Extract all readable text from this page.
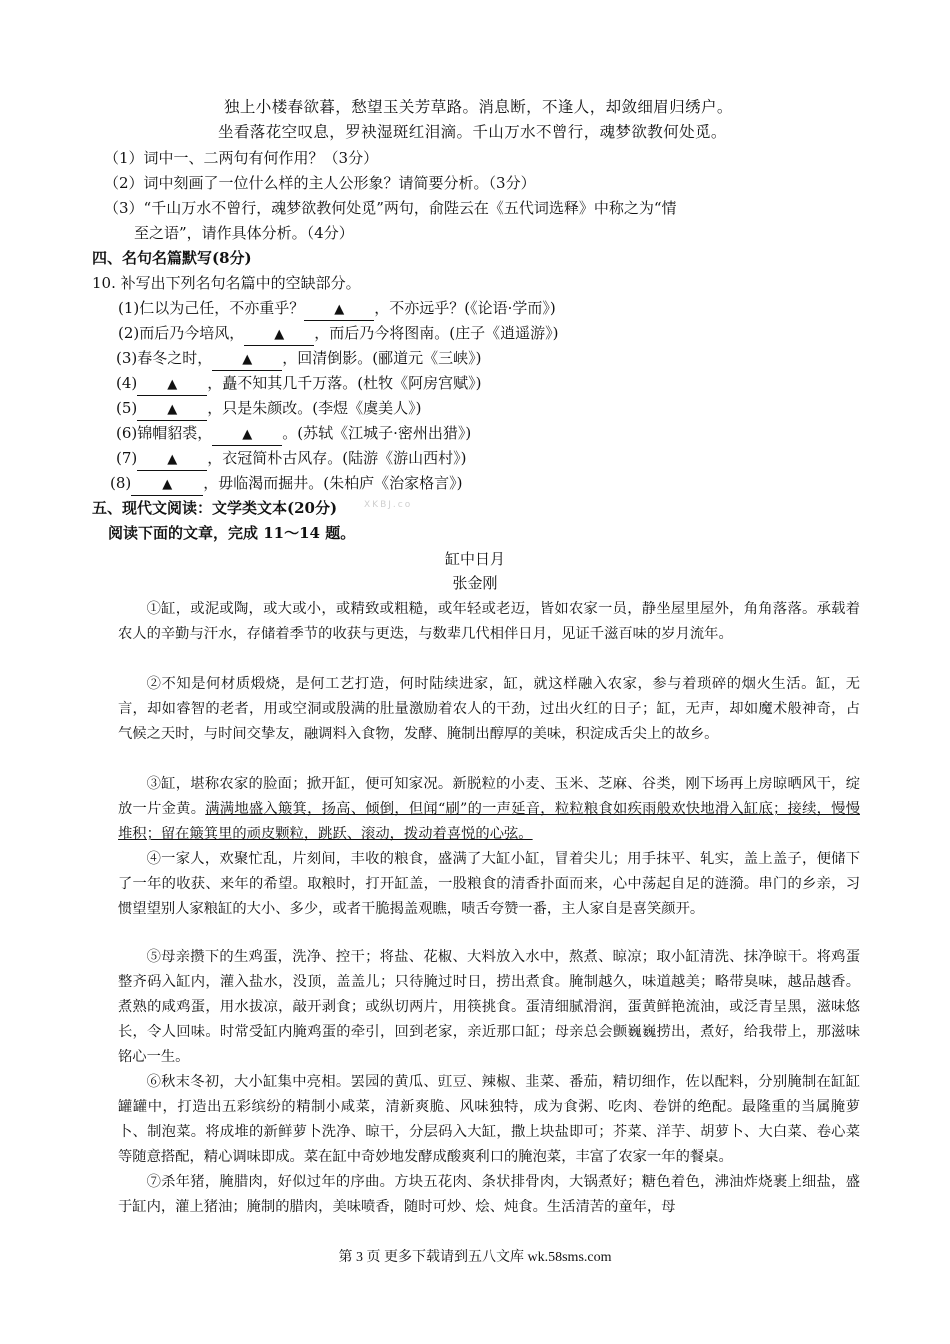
独上小楼春欲暮，愁望玉关芳草路。消息断，不逢人，却敛细眉归绣户。
坐看落花空叹息，罗袂湿斑红泪滴。千山万水不曾行，魂梦欲教何处觅。
（1）词中一、二两句有何作用？（3分）
（2）词中刻画了一位什么样的主人公形象？请简要分析。（3分）
（3）“千山万水不曾行，魂梦欲教何处觅”两句，俞陛云在《五代词选释》中称之为“情
至之语”，请作具体分析。（4分）
四、名句名篇默写(8分)
10. 补写出下列名句名篇中的空缺部分。
(1)仁以为己任，不亦重乎？ ▲ ，不亦远乎？(《论语·学而》)
(2)而后乃今培风， ▲ ，而后乃今将图南。(庄子《逍遥游》)
(3)春冬之时， ▲ ，回清倒影。(郦道元《三峡》)
(4) ▲ ，矗不知其几千万落。(杜牧《阿房宫赋》)
(5) ▲ ，只是朱颜改。(李煜《虞美人》)
(6)锦帽貂裘， ▲ 。(苏轼《江城子·密州出猎》)
(7) ▲ ，衣冠简朴古风存。(陆游《游山西村》)
(8) ▲ ，毋临渴而掘井。(朱柏庐《治家格言》)
五、现代文阅读：文学类文本(20分)	XKBJ.co
阅读下面的文章，完成 11～14 题。
缸中日月
张金刚
①缸，或泥或陶，或大或小，或精致或粗糙，或年轻或老迈，皆如农家一员，静坐屋里屋外，角角落落。承载着农人的辛勤与汗水，存储着季节的收获与更迭，与数辈几代相伴日月，见证千滋百味的岁月流年。
②不知是何材质煅烧，是何工艺打造，何时陆续进家，缸，就这样融入农家，参与着琐碎的烟火生活。缸，无言，却如睿智的老者，用或空洞或殷满的肚量激励着农人的干劲，过出火红的日子；缸，无声，却如魔术般神奇，占气候之天时，与时间交挚友，融调料入食物，发酵、腌制出醇厚的美味，积淀成舌尖上的故乡。
③缸，堪称农家的脸面；掀开缸，便可知家况。新脱粒的小麦、玉米、芝麻、谷类，刚下场再上房晾晒风干，绽放一片金黄。满满地盛入簸箕，扬高、倾倒，但闻“刷”的一声延音，粒粒粮食如疾雨般欢快地滑入缸底；接续，慢慢堆积；留在簸箕里的顽皮颗粒，跳跃、滚动，拨动着喜悦的心弦。
④一家人，欢聚忙乱，片刻间，丰收的粮食，盛满了大缸小缸，冒着尖儿；用手抹平、轧实，盖上盖子，便储下了一年的收获、来年的希望。取粮时，打开缸盖，一股粮食的清香扑面而来，心中荡起自足的涟漪。串门的乡亲，习惯望望别人家粮缸的大小、多少，或者干脆揭盖观瞧，啧舌夸赞一番，主人家自是喜笑颜开。
⑤母亲攒下的生鸡蛋，洗净、控干；将盐、花椒、大料放入水中，熬煮、晾凉；取小缸清洗、抹净晾干。将鸡蛋整齐码入缸内，灌入盐水，没顶，盖盖儿；只待腌过时日，捞出煮食。腌制越久，味道越美；略带臭味，越品越香。煮熟的咸鸡蛋，用水拔凉，敲开剥食；或纵切两片，用筷挑食。蛋清细腻滑润，蛋黄鲜艳流油，或泛青呈黑，滋味悠长，令人回味。时常受缸内腌鸡蛋的牵引，回到老家，亲近那口缸；母亲总会颤巍巍捞出，煮好，给我带上，那滋味铭心一生。
⑥秋末冬初，大小缸集中亮相。罢园的黄瓜、豇豆、辣椒、韭菜、番茄，精切细作，佐以配料，分别腌制在缸缸罐罐中，打造出五彩缤纷的精制小咸菜，清新爽脆、风味独特，成为食粥、吃肉、卷饼的绝配。最隆重的当属腌萝卜、制泡菜。将成堆的新鲜萝卜洗净、晾干，分层码入大缸，撒上块盐即可；芥菜、洋芋、胡萝卜、大白菜、卷心菜等随意搭配，精心调味即成。菜在缸中奇妙地发酵成酸爽利口的腌泡菜，丰富了农家一年的餐桌。
⑦杀年猪，腌腊肉，好似过年的序曲。方块五花肉、条状排骨肉，大锅煮好；糖色着色，沸油炸烧裹上细盐，盛于缸内，灌上猪油；腌制的腊肉，美味喷香，随时可炒、烩、炖食。生活清苦的童年，母
第 3 页 更多下载请到五八文库 wk.58sms.com
